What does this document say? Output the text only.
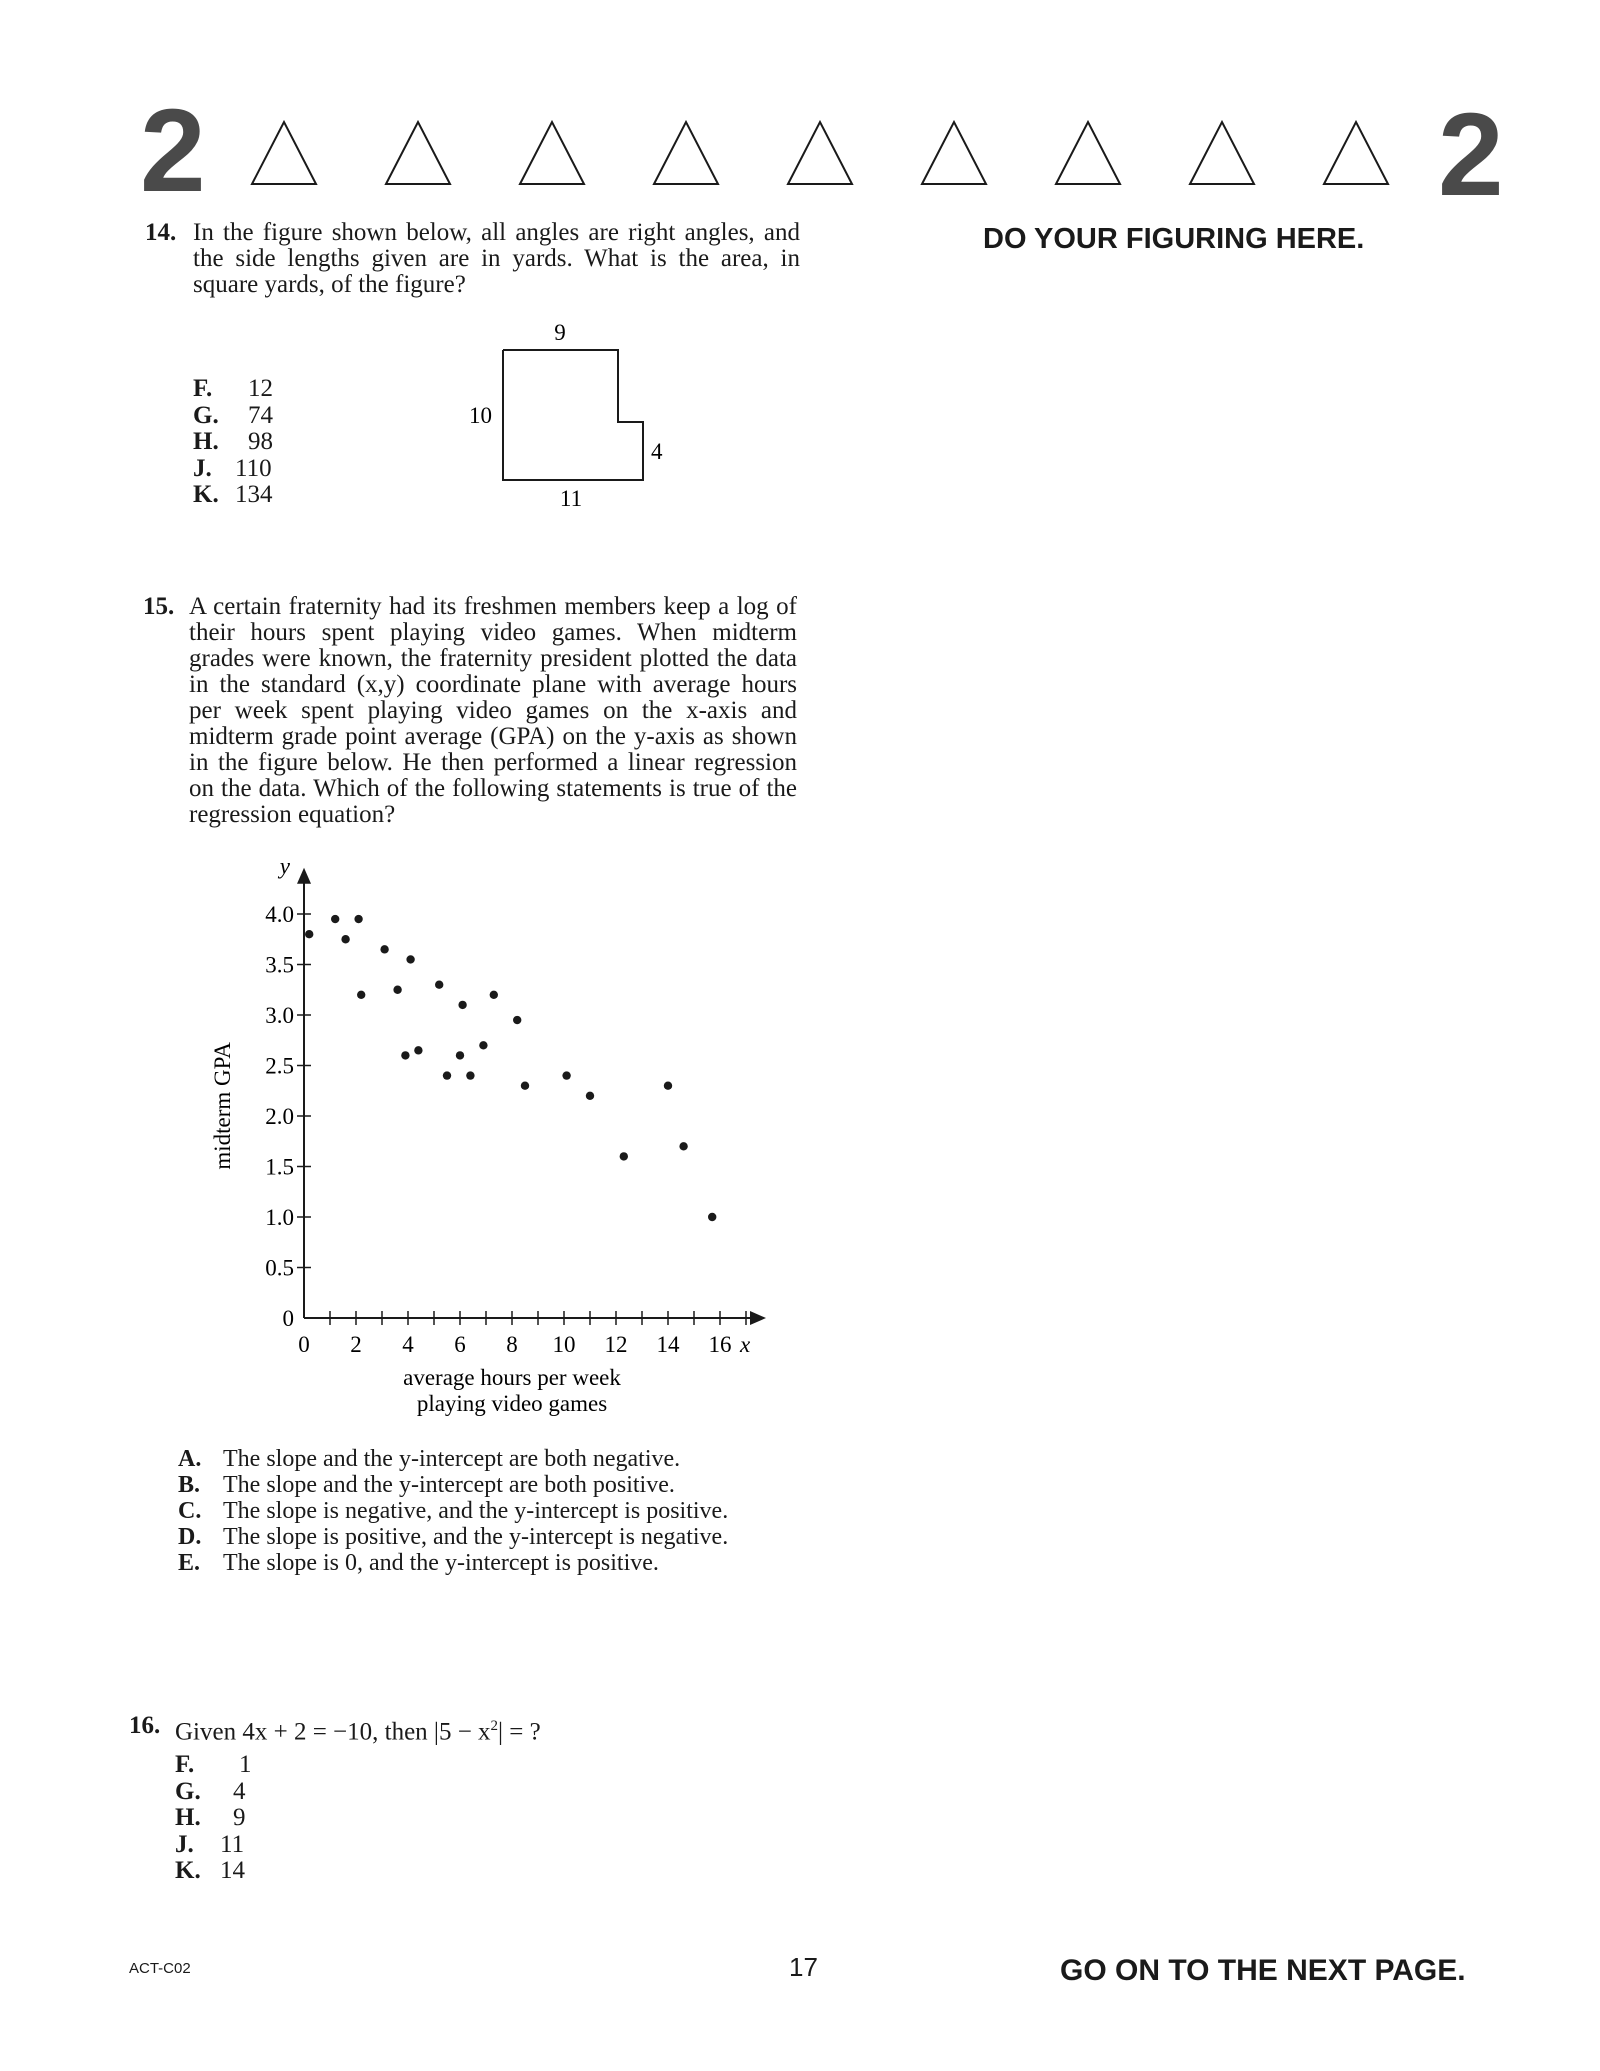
2	2
DO YOUR FIGURING HERE.
14. In the figure shown below, all angles are right angles, and the side lengths given are in yards. What is the area, in square yards, of the figure?
F.	12
G.	74
H.	98
J. 110
K. 134
9
10
4
11
15. A certain fraternity had its freshmen members keep a log of their hours spent playing video games. When midterm grades were known, the fraternity president plotted the data in the standard (x,y) coordinate plane with average hours per week spent playing video games on the x-axis and midterm grade point average (GPA) on the y-axis as shown in the figure below. He then performed a linear regression on the data. Which of the following statements is true of the regression equation?
0 2 4 6 8 10 12 14 16 x
0
0.5
1.0
1.5
2.0
2.5
3.0
3.5
4.0
y
midterm GPA
average hours per week
playing video games
A. The slope and the y-intercept are both negative.
B. The slope and the y-intercept are both positive.
C. The slope is negative, and the y-intercept is positive.
D. The slope is positive, and the y-intercept is negative.
E. The slope is 0, and the y-intercept is positive.
16. Given 4x + 2 = −10, then $|5 - x^2|$ = ?
F.	1
G.	4
H.	9
J.	11
K. 14
ACT-C02	17	GO ON TO THE NEXT PAGE.
